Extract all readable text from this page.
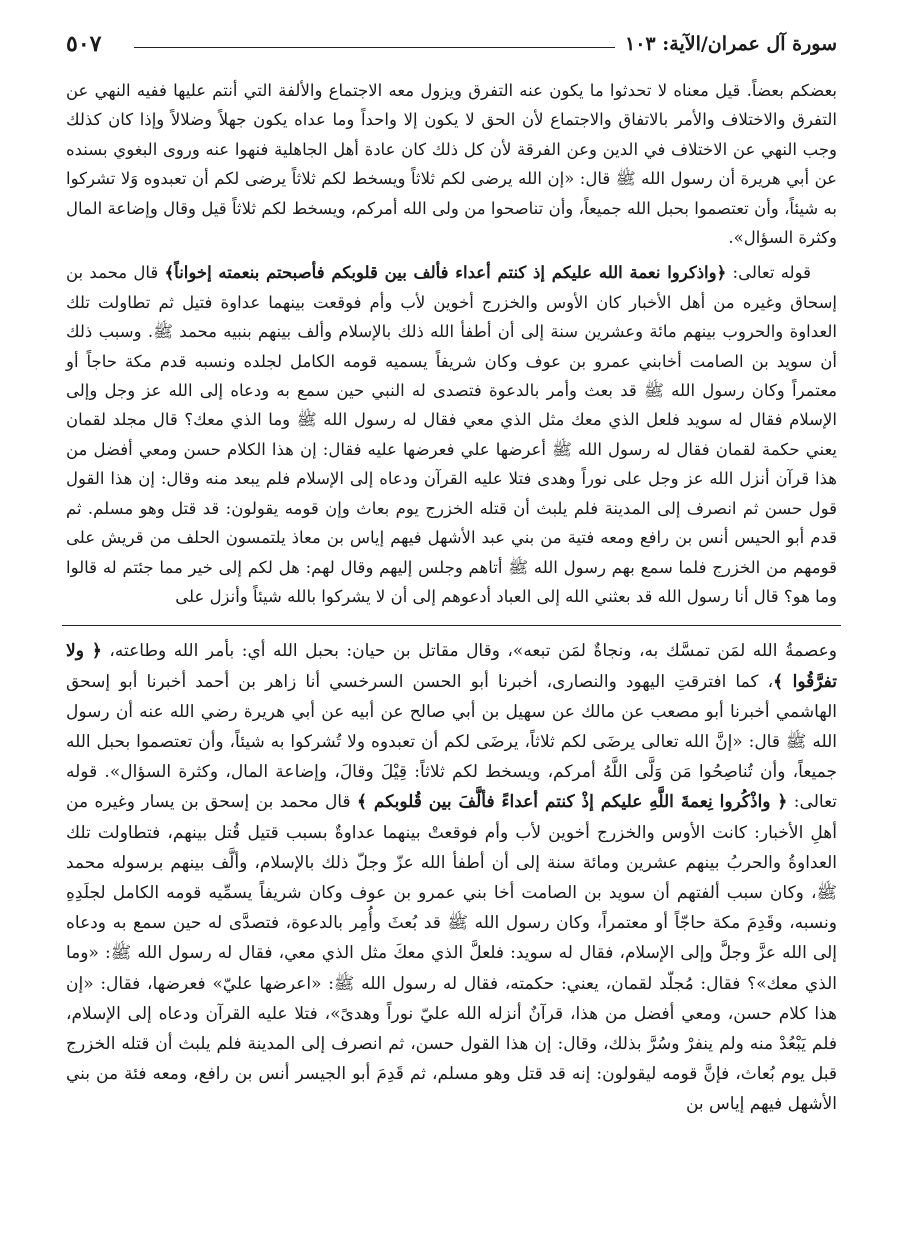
سورة آل عمران/الآية: ١٠٣
٥٠٧

بعضكم بعضاً. قيل معناه لا تحدثوا ما يكون عنه التفرق ويزول معه الاجتماع والألفة التي أنتم عليها ففيه النهي عن التفرق والاختلاف والأمر بالاتفاق والاجتماع لأن الحق لا يكون إلا واحداً وما عداه يكون جهلاً وضلالاً وإذا كان كذلك وجب النهي عن الاختلاف في الدين وعن الفرقة لأن كل ذلك كان عادة أهل الجاهلية فنهوا عنه وروى البغوي بسنده عن أبي هريرة أن رسول الله ﷺ قال: «إن الله يرضى لكم ثلاثاً ويسخط لكم ثلاثاً يرضى لكم أن تعبدوه وَلا تشركوا به شيئاً، وأن تعتصموا بحبل الله جميعاً، وأن تناصحوا من ولى الله أمركم، ويسخط لكم ثلاثاً قيل وقال وإضاعة المال وكثرة السؤال».

قوله تعالى: ﴿واذكروا نعمة الله عليكم إذ كنتم أعداء فألف بين قلوبكم فأصبحتم بنعمته إخواناً﴾ قال محمد بن إسحاق وغيره من أهل الأخبار كان الأوس والخزرج أخوين لأب وأم فوقعت بينهما عداوة فتيل ثم تطاولت تلك العداوة والحروب بينهم مائة وعشرين سنة إلى أن أطفأ الله ذلك بالإسلام وألف بينهم بنبيه محمد ﷺ. وسبب ذلك أن سويد بن الصامت أخابني عمرو بن عوف وكان شريفاً يسميه قومه الكامل لجلده ونسبه قدم مكة حاجاً أو معتمراً وكان رسول الله ﷺ قد بعث وأمر بالدعوة فتصدى له النبي حين سمع به ودعاه إلى الله عز وجل وإلى الإسلام فقال له سويد فلعل الذي معك مثل الذي معي فقال له رسول الله ﷺ وما الذي معك؟ قال مجلد لقمان يعني حكمة لقمان فقال له رسول الله ﷺ أعرضها علي فعرضها عليه فقال: إن هذا الكلام حسن ومعي أفضل من هذا قرآن أنزل الله عز وجل على نوراً وهدى فتلا عليه القرآن ودعاه إلى الإسلام فلم يبعد منه وقال: إن هذا القول قول حسن ثم انصرف إلى المدينة فلم يلبث أن قتله الخزرج يوم بعاث وإن قومه يقولون: قد قتل وهو مسلم. ثم قدم أبو الحيس أنس بن رافع ومعه فتية من بني عبد الأشهل فيهم إياس بن معاذ يلتمسون الحلف من قريش على قومهم من الخزرج فلما سمع بهم رسول الله ﷺ أتاهم وجلس إليهم وقال لهم: هل لكم إلى خير مما جئتم له قالوا وما هو؟ قال أنا رسول الله قد بعثني الله إلى العباد أدعوهم إلى أن لا يشركوا بالله شيئاً وأنزل على

وعصمةُ الله لمَن تمسَّك به، ونجاةٌ لمَن تبعه»، وقال مقاتل بن حيان: بحبل الله أي: بأمر الله وطاعته، ﴿ ولا تفرَّقُوا ﴾، كما افترقتِ اليهود والنصارى، أخبرنا أبو الحسن السرخسي أنا زاهر بن أحمد أخبرنا أبو إسحق الهاشمي أخبرنا أبو مصعب عن مالك عن سهيل بن أبي صالح عن أبيه عن أبي هريرة رضي الله عنه أن رسول الله ﷺ قال: «إنَّ الله تعالى يرضَى لكم ثلاثاً، يرضَى لكم أن تعبدوه ولا تُشركوا به شيئاً، وأن تعتصموا بحبل الله جميعاً، وأن تُناصِحُوا مَن وَلَّى اللَّهُ أمركم، ويسخط لكم ثلاثاً: قِيْلَ وقالَ، وإضاعة المال، وكثرة السؤال». قوله تعالى: ﴿ واذْكُروا نِعمةَ اللَّهِ عليكم إذْ كنتم أعداءً فألَّفَ بين قُلوبكم ﴾ قال محمد بن إسحق بن يسار وغيره من أهلِ الأخبار: كانت الأوس والخزرج أخوين لأب وأم فوقعتْ بينهما عداوةٌ بسبب قتيل قُتل بينهم، فتطاولت تلك العداوةُ والحربُ بينهم عشرين ومائة سنة إلى أن أطفأ الله عزّ وجلّ ذلك بالإسلام، وألَّف بينهم برسوله محمد ﷺ، وكان سبب ألفتهم أن سويد بن الصامت أخا بني عمرو بن عوف وكان شريفاً يسمِّيه قومه الكامل لجلَدِهِ ونسبه، وقَدِمَ مكة حاجّاً أو معتمراً، وكان رسول الله ﷺ قد بُعثَ وأُمِر بالدعوة، فتصدَّى له حين سمع به ودعاه إلى الله عزَّ وجلَّ وإلى الإسلام، فقال له سويد: فلعلَّ الذي معكَ مثل الذي معي، فقال له رسول الله ﷺ: «وما الذي معك»؟ فقال: مُجلّد لقمان، يعني: حكمته، فقال له رسول الله ﷺ: «اعرضها عليّ» فعرضها، فقال: «إن هذا كلام حسن، ومعي أفضل من هذا، قرآنٌ أنزله الله عليّ نوراً وهدىً»، فتلا عليه القرآن ودعاه إلى الإسلام، فلم يَبْعُدْ منه ولم ينفرْ وسُرَّ بذلك، وقال: إن هذا القول حسن، ثم انصرف إلى المدينة فلم يلبث أن قتله الخزرج قبل يوم بُعاث، فإنَّ قومه ليقولون: إنه قد قتل وهو مسلم، ثم قَدِمَ أبو الجيسر أنس بن رافع، ومعه فئة من بني الأشهل فيهم إياس بن
